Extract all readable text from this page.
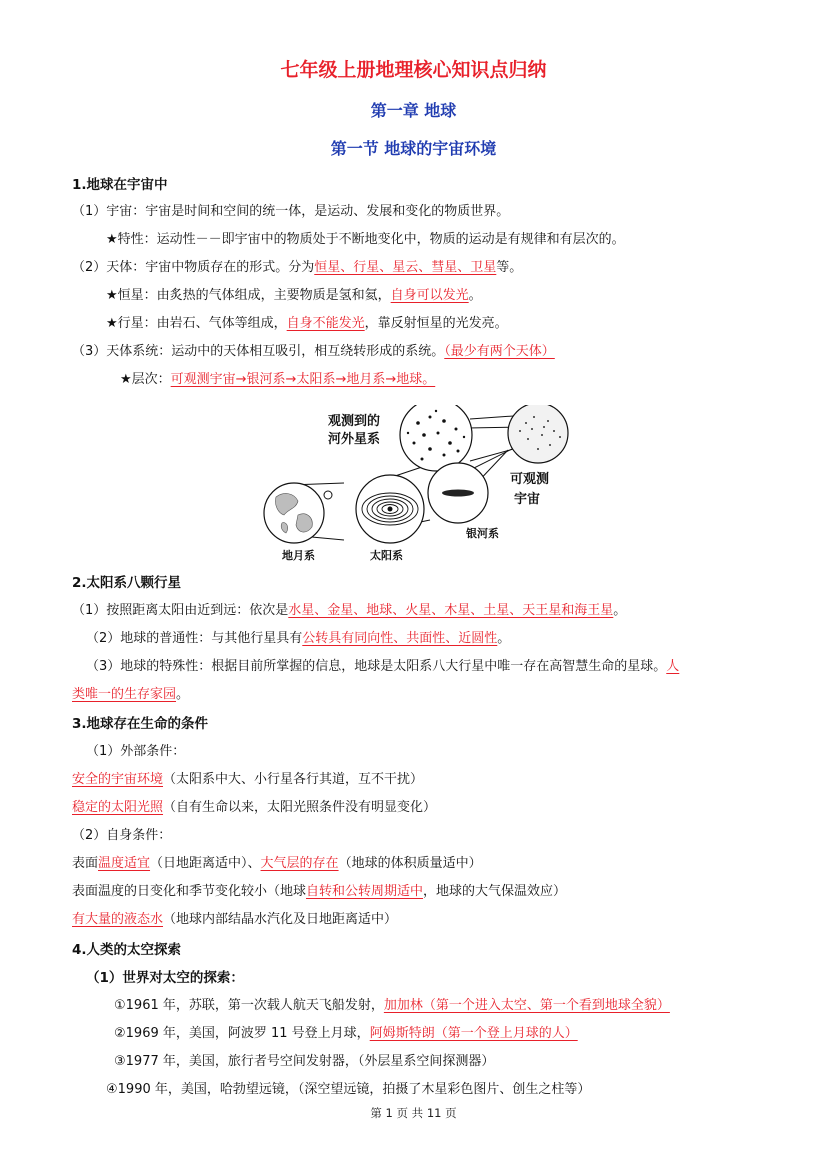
七年级上册地理核心知识点归纳
第一章 地球
第一节 地球的宇宙环境
1.地球在宇宙中
（1）宇宙：宇宙是时间和空间的统一体，是运动、发展和变化的物质世界。
★特性：运动性－－即宇宙中的物质处于不断地变化中，物质的运动是有规律和有层次的。
（2）天体：宇宙中物质存在的形式。分为恒星、行星、星云、彗星、卫星等。
★恒星：由炙热的气体组成，主要物质是氢和氦，自身可以发光。
★行星：由岩石、气体等组成，自身不能发光，靠反射恒星的光发亮。
（3）天体系统：运动中的天体相互吸引，相互绕转形成的系统。（最少有两个天体）
★层次：可观测宇宙→银河系→太阳系→地月系→地球。
观测到的
河外星系
可观测
宇宙
银河系
太阳系
地月系
2.太阳系八颗行星
（1）按照距离太阳由近到远：依次是水星、金星、地球、火星、木星、土星、天王星和海王星。
（2）地球的普通性：与其他行星具有公转具有同向性、共面性、近圆性。
（3）地球的特殊性：根据目前所掌握的信息，地球是太阳系八大行星中唯一存在高智慧生命的星球。人
类唯一的生存家园。
3.地球存在生命的条件
（1）外部条件：
安全的宇宙环境（太阳系中大、小行星各行其道，互不干扰）
稳定的太阳光照（自有生命以来，太阳光照条件没有明显变化）
（2）自身条件：
表面温度适宜（日地距离适中）、大气层的存在（地球的体积质量适中）
表面温度的日变化和季节变化较小（地球自转和公转周期适中，地球的大气保温效应）
有大量的液态水（地球内部结晶水汽化及日地距离适中）
4.人类的太空探索
（1）世界对太空的探索：
①1961 年，苏联，第一次载人航天飞船发射，加加林（第一个进入太空、第一个看到地球全貌）
②1969 年，美国，阿波罗 11 号登上月球，阿姆斯特朗（第一个登上月球的人）
③1977 年，美国，旅行者号空间发射器，（外层星系空间探测器）
④1990 年，美国，哈勃望远镜，（深空望远镜，拍摄了木星彩色图片、创生之柱等）
第 1 页 共 11 页
